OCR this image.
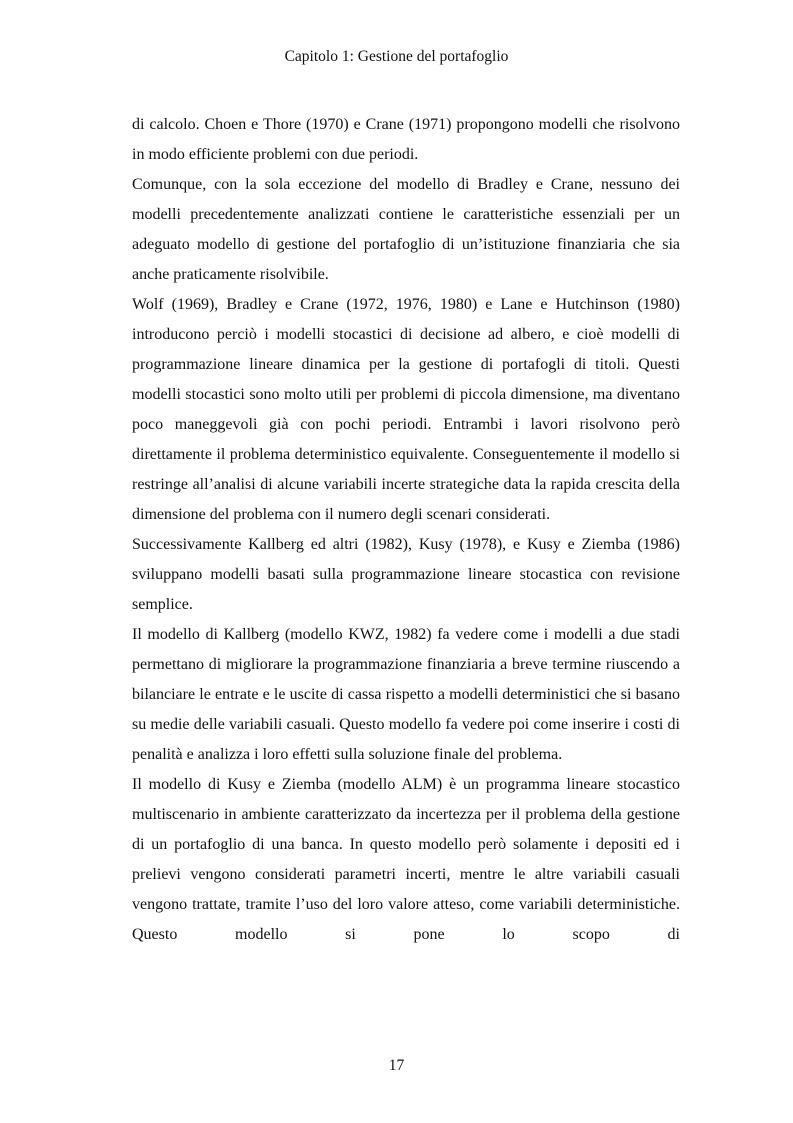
Capitolo 1: Gestione del portafoglio

di calcolo. Choen e Thore (1970) e Crane (1971) propongono modelli che risolvono in modo efficiente problemi con due periodi.

Comunque, con la sola eccezione del modello di Bradley e Crane, nessuno dei modelli precedentemente analizzati contiene le caratteristiche essenziali per un adeguato modello di gestione del portafoglio di un’istituzione finanziaria che sia anche praticamente risolvibile.

Wolf (1969), Bradley e Crane (1972, 1976, 1980) e Lane e Hutchinson (1980) introducono perciò i modelli stocastici di decisione ad albero, e cioè modelli di programmazione lineare dinamica per la gestione di portafogli di titoli. Questi modelli stocastici sono molto utili per problemi di piccola dimensione, ma diventano poco maneggevoli già con pochi periodi. Entrambi i lavori risolvono però direttamente il problema deterministico equivalente. Conseguentemente il modello si restringe all’analisi di alcune variabili incerte strategiche data la rapida crescita della dimensione del problema con il numero degli scenari considerati.

Successivamente Kallberg ed altri (1982), Kusy (1978), e Kusy e Ziemba (1986) sviluppano modelli basati sulla programmazione lineare stocastica con revisione semplice.

Il modello di Kallberg (modello KWZ, 1982) fa vedere come i modelli a due stadi permettano di migliorare la programmazione finanziaria a breve termine riuscendo a bilanciare le entrate e le uscite di cassa rispetto a modelli deterministici che si basano su medie delle variabili casuali. Questo modello fa vedere poi come inserire i costi di penalità e analizza i loro effetti sulla soluzione finale del problema.

Il modello di Kusy e Ziemba (modello ALM) è un programma lineare stocastico multiscenario in ambiente caratterizzato da incertezza per il problema della gestione di un portafoglio di una banca. In questo modello però solamente i depositi ed i prelievi vengono considerati parametri incerti, mentre le altre variabili casuali vengono trattate, tramite l’uso del loro valore atteso, come variabili deterministiche. Questo modello si pone lo scopo di

17
